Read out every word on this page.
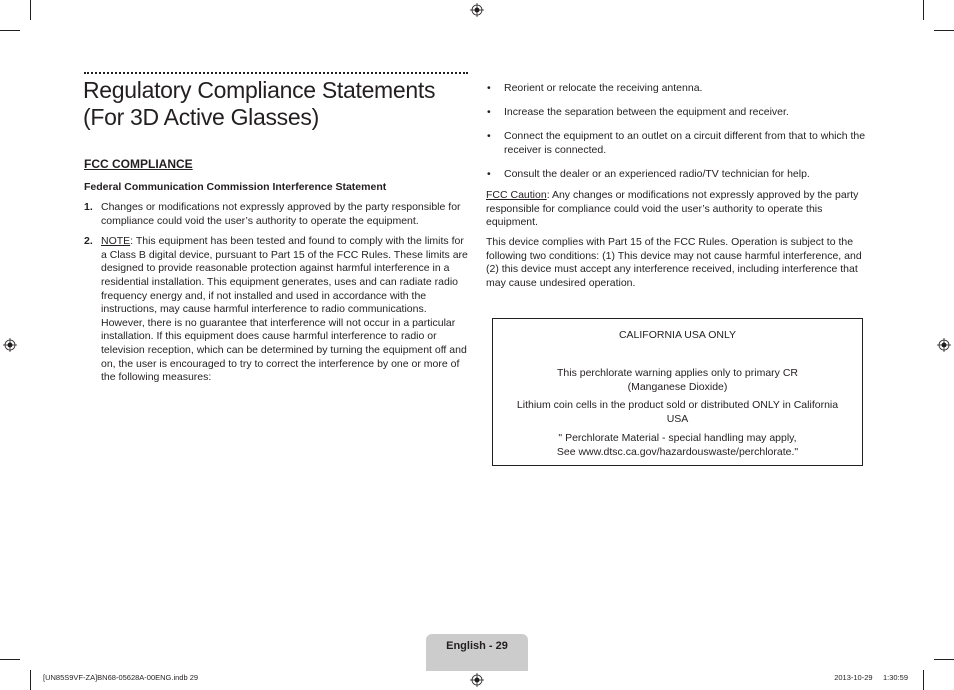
Regulatory Compliance Statements
(For 3D Active Glasses)
FCC COMPLIANCE
Federal Communication Commission Interference Statement
1. Changes or modifications not expressly approved by the party responsible for compliance could void the user’s authority to operate the equipment.
2. NOTE: This equipment has been tested and found to comply with the limits for a Class B digital device, pursuant to Part 15 of the FCC Rules. These limits are designed to provide reasonable protection against harmful interference in a residential installation. This equipment generates, uses and can radiate radio frequency energy and, if not installed and used in accordance with the instructions, may cause harmful interference to radio communications. However, there is no guarantee that interference will not occur in a particular installation. If this equipment does cause harmful interference to radio or television reception, which can be determined by turning the equipment off and on, the user is encouraged to try to correct the interference by one or more of the following measures:
• Reorient or relocate the receiving antenna.
• Increase the separation between the equipment and receiver.
• Connect the equipment to an outlet on a circuit different from that to which the receiver is connected.
• Consult the dealer or an experienced radio/TV technician for help.

FCC Caution: Any changes or modifications not expressly approved by the party responsible for compliance could void the user’s authority to operate this equipment.

This device complies with Part 15 of the FCC Rules. Operation is subject to the following two conditions: (1) This device may not cause harmful interference, and (2) this device must accept any interference received, including interference that may cause undesired operation.

CALIFORNIA USA ONLY
This perchlorate warning applies only to primary CR
(Manganese Dioxide)
Lithium coin cells in the product sold or distributed ONLY in California
USA
" Perchlorate Material - special handling may apply,
See www.dtsc.ca.gov/hazardouswaste/perchlorate."
English - 29
[UN85S9VF-ZA]BN68-05628A-00ENG.indb 29	2013-10-29     1:30:59
